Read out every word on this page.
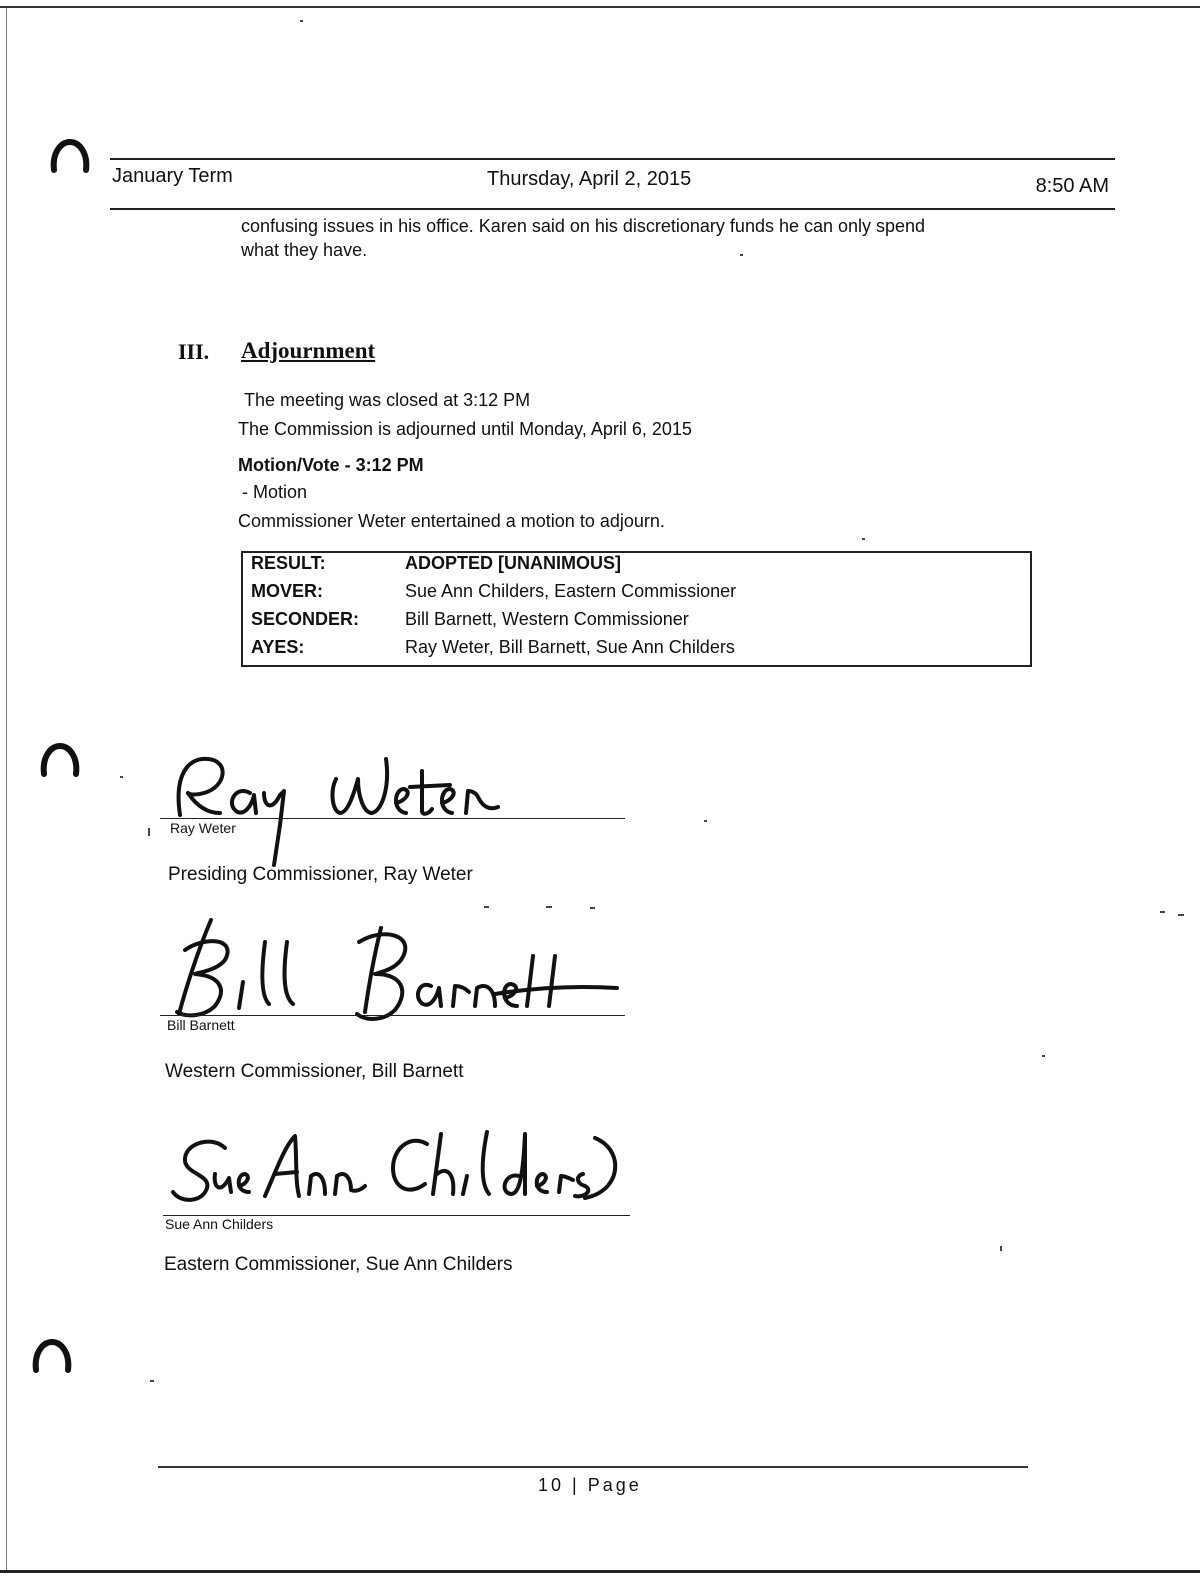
January Term	Thursday, April 2, 2015	8:50 AM
confusing issues in his office. Karen said on his discretionary funds he can only spend
what they have.
III. Adjournment
The meeting was closed at 3:12 PM
The Commission is adjourned until Monday, April 6, 2015
Motion/Vote - 3:12 PM
- Motion
Commissioner Weter entertained a motion to adjourn.
RESULT:	ADOPTED [UNANIMOUS]
MOVER:	Sue Ann Childers, Eastern Commissioner
SECONDER:	Bill Barnett, Western Commissioner
AYES:	Ray Weter, Bill Barnett, Sue Ann Childers
Ray Weter
Presiding Commissioner, Ray Weter
Bill Barnett
Western Commissioner, Bill Barnett
Sue Ann Childers
Eastern Commissioner, Sue Ann Childers
10 | Page
